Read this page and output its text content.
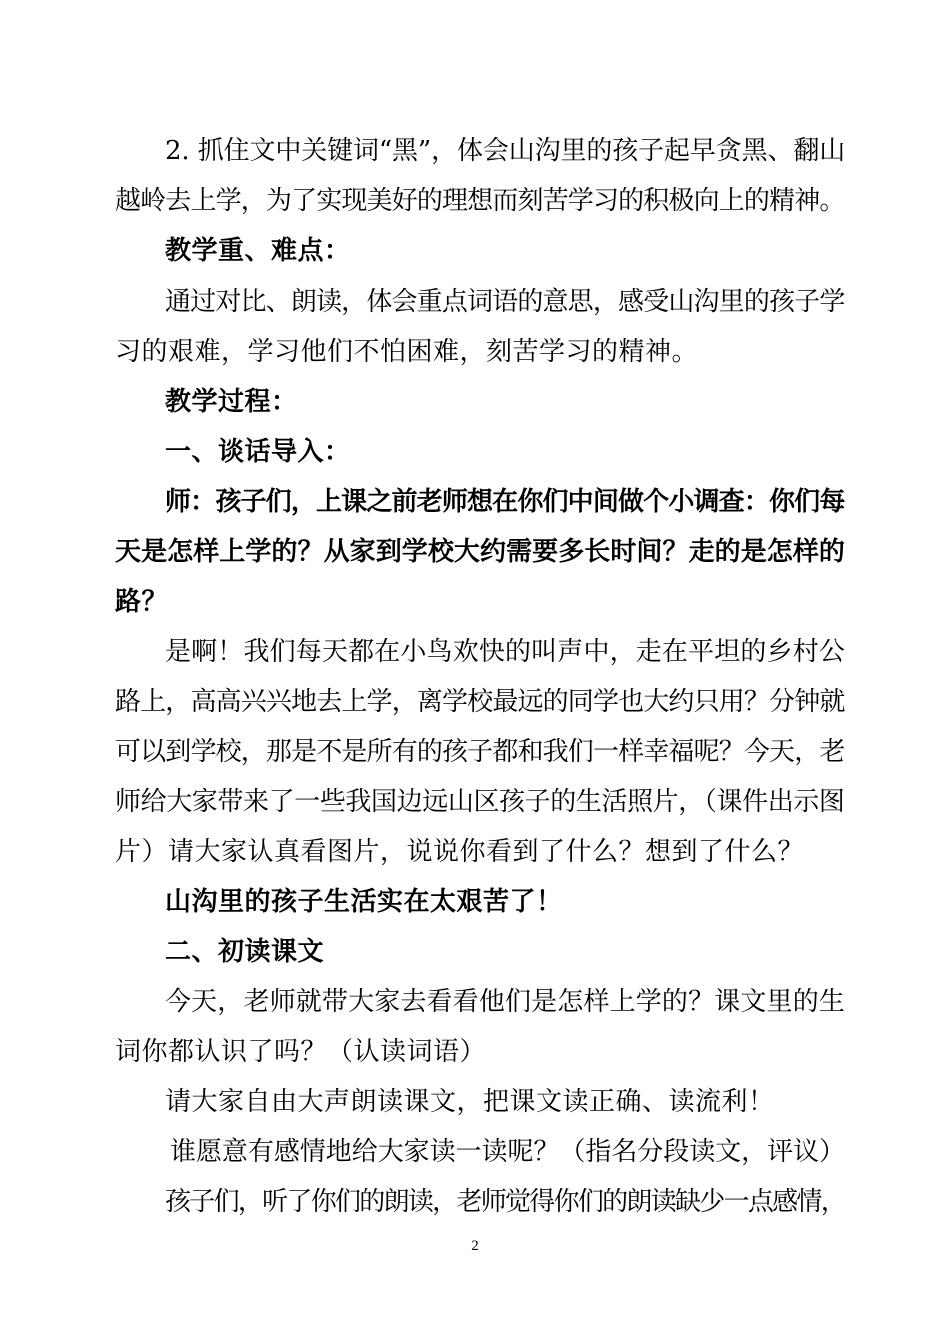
2. 抓住文中关键词“黑”，体会山沟里的孩子起早贪黑、翻山
越岭去上学，为了实现美好的理想而刻苦学习的积极向上的精神。
教学重、难点：
通过对比、朗读，体会重点词语的意思，感受山沟里的孩子学
习的艰难，学习他们不怕困难，刻苦学习的精神。
教学过程：
一、谈话导入：
师：孩子们，上课之前老师想在你们中间做个小调查：你们每
天是怎样上学的？从家到学校大约需要多长时间？走的是怎样的
路？
是啊！我们每天都在小鸟欢快的叫声中，走在平坦的乡村公
路上，高高兴兴地去上学，离学校最远的同学也大约只用？分钟就
可以到学校，那是不是所有的孩子都和我们一样幸福呢？今天，老
师给大家带来了一些我国边远山区孩子的生活照片，（课件出示图
片）请大家认真看图片，说说你看到了什么？想到了什么？
山沟里的孩子生活实在太艰苦了！
二、初读课文
今天，老师就带大家去看看他们是怎样上学的？课文里的生
词你都认识了吗？（认读词语）
请大家自由大声朗读课文，把课文读正确、读流利！
谁愿意有感情地给大家读一读呢？（指名分段读文，评议）
孩子们，听了你们的朗读，老师觉得你们的朗读缺少一点感情，
2
